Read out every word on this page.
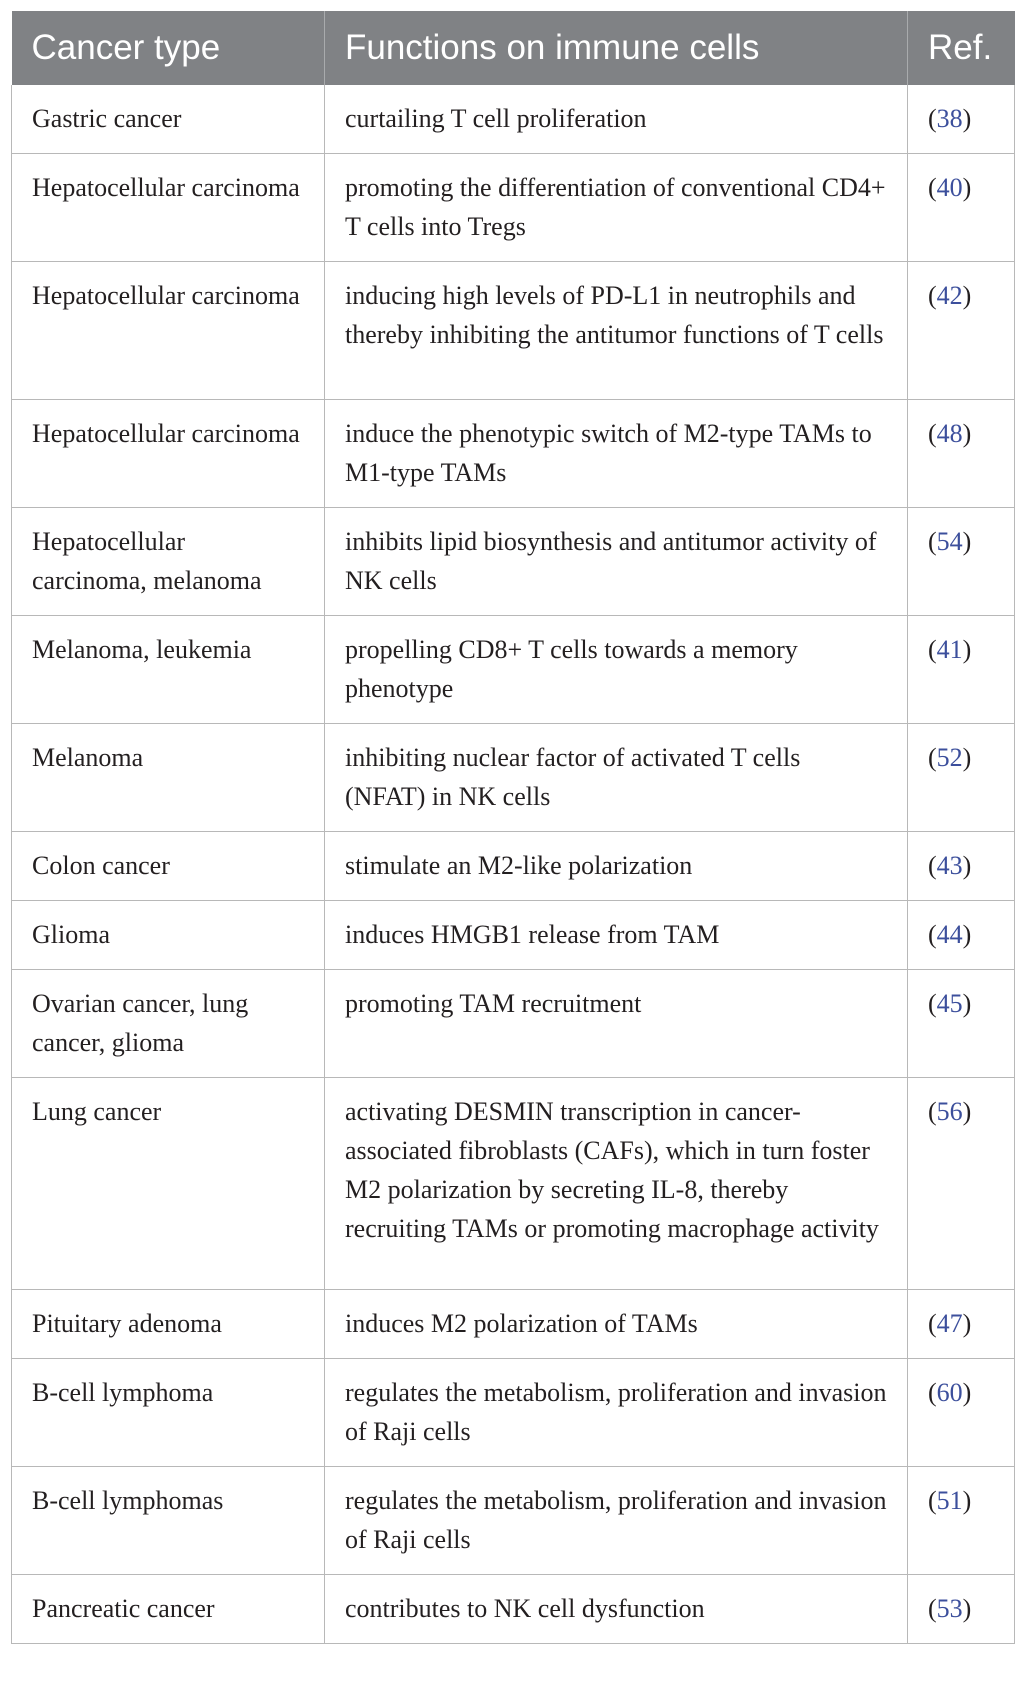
Cancer type	Functions on immune cells	Ref.
Gastric cancer	curtailing T cell proliferation	(38)
Hepatocellular carcinoma	promoting the differentiation of conventional CD4+ T cells into Tregs	(40)
Hepatocellular carcinoma	inducing high levels of PD-L1 in neutrophils and thereby inhibiting the antitumor functions of T cells	(42)
Hepatocellular carcinoma	induce the phenotypic switch of M2-type TAMs to M1-type TAMs	(48)
Hepatocellular carcinoma, melanoma	inhibits lipid biosynthesis and antitumor activity of NK cells	(54)
Melanoma, leukemia	propelling CD8+ T cells towards a memory phenotype	(41)
Melanoma	inhibiting nuclear factor of activated T cells (NFAT) in NK cells	(52)
Colon cancer	stimulate an M2-like polarization	(43)
Glioma	induces HMGB1 release from TAM	(44)
Ovarian cancer, lung cancer, glioma	promoting TAM recruitment	(45)
Lung cancer	activating DESMIN transcription in cancer-associated fibroblasts (CAFs), which in turn foster M2 polarization by secreting IL-8, thereby recruiting TAMs or promoting macrophage activity	(56)
Pituitary adenoma	induces M2 polarization of TAMs	(47)
B-cell lymphoma	regulates the metabolism, proliferation and invasion of Raji cells	(60)
B-cell lymphomas	regulates the metabolism, proliferation and invasion of Raji cells	(51)
Pancreatic cancer	contributes to NK cell dysfunction	(53)
